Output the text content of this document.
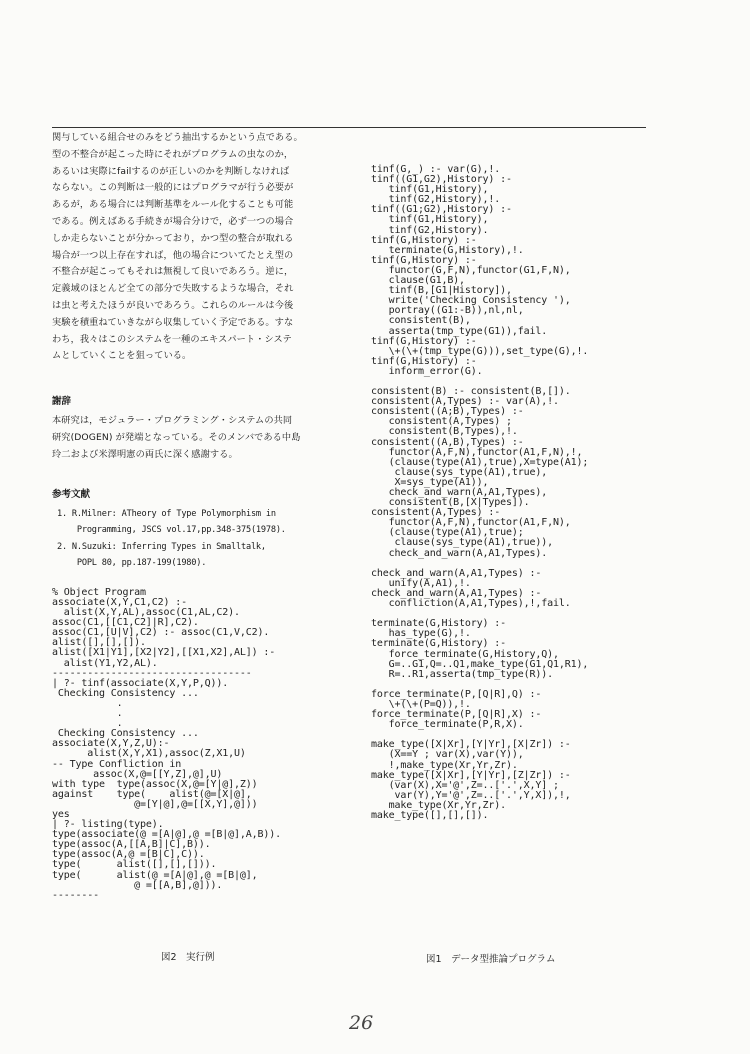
関与している組合せのみをどう抽出するかという点である。
型の不整合が起こった時にそれがプログラムの虫なのか，
あるいは実際にfailするのが正しいのかを判断しなければ
ならない。この判断は一般的にはプログラマが行う必要が
あるが，ある場合には判断基準をルール化することも可能
である。例えばある手続きが場合分けで，必ず一つの場合
しか走らないことが分かっており，かつ型の整合が取れる
場合が一つ以上存在すれば，他の場合についてたとえ型の
不整合が起こってもそれは無視して良いであろう。逆に，
定義域のほとんど全ての部分で失敗するような場合，それ
は虫と考えたほうが良いであろう。これらのルールは今後
実験を積重ねていきながら収集していく予定である。すな
わち，我々はこのシステムを一種のエキスパート・システ
ムとしていくことを狙っている。

謝辞

本研究は，モジュラー・プログラミング・システムの共同
研究(DOGEN) が発端となっている。そのメンバである中島
玲二および米澤明憲の両氏に深く感謝する。

参考文献

1. R.Milner: ATheory of Type Polymorphism in
Programming, JSCS vol.17,pp.348-375(1978).
2. N.Suzuki: Inferring Types in Smalltalk,
POPL 80, pp.187-199(1980).
% Object Program
associate(X,Y,C1,C2) :-
alist(X,Y,AL),assoc(C1,AL,C2).
assoc(C1,[[C1,C2]|R],C2).
assoc(C1,[U|V],C2) :- assoc(C1,V,C2).
alist([],[],[]).
alist([X1|Y1],[X2|Y2],[[X1,X2],AL]) :-
alist(Y1,Y2,AL).
----------------------------------
| ?- tinf(associate(X,Y,P,Q)).
Checking Consistency ...
.
.
.
Checking Consistency ...
associate(X,Y,Z,U):-
alist(X,Y,X1),assoc(Z,X1,U)
-- Type Confliction in
assoc(X,@=[[Y,Z],@],U)
with type  type(assoc(X,@=[Y|@],Z))
against    type(    alist(@=[X|@],
@=[Y|@],@=[[X,Y],@]))
yes
| ?- listing(type).
type(associate(@ =[A|@],@ =[B|@],A,B)).
type(assoc(A,[[A,B]|C],B)).
type(assoc(A,@ =[B|C],C)).
type(      alist([],[],[])).
type(      alist(@ =[A|@],@ =[B|@],
@ =[[A,B],@])).
--------
tinf(G,_) :- var(G),!.
tinf((G1,G2),History) :-
tinf(G1,History),
tinf(G2,History),!.
tinf((G1;G2),History) :-
tinf(G1,History),
tinf(G2,History).
tinf(G,History) :-
terminate(G,History),!.
tinf(G,History) :-
functor(G,F,N),functor(G1,F,N),
clause(G1,B),
tinf(B,[G1|History]),
write('Checking Consistency '),
portray((G1:-B)),nl,nl,
consistent(B),
asserta(tmp_type(G1)),fail.
tinf(G,History) :-
\+(\+(tmp_type(G))),set_type(G),!.
tinf(G,History) :-
inform_error(G).

consistent(B) :- consistent(B,[]).
consistent(A,Types) :- var(A),!.
consistent((A;B),Types) :-
consistent(A,Types) ;
consistent(B,Types),!.
consistent((A,B),Types) :-
functor(A,F,N),functor(A1,F,N),!,
(clause(type(A1),true),X=type(A1);
clause(sys_type(A1),true),
X=sys_type(A1)),
check_and_warn(A,A1,Types),
consistent(B,[X|Types]).
consistent(A,Types) :-
functor(A,F,N),functor(A1,F,N),
(clause(type(A1),true);
clause(sys_type(A1),true)),
check_and_warn(A,A1,Types).

check_and_warn(A,A1,Types) :-
unify(A,A1),!.
check_and_warn(A,A1,Types) :-
confliction(A,A1,Types),!,fail.

terminate(G,History) :-
has_type(G),!.
terminate(G,History) :-
force_terminate(G,History,Q),
G=..G1,Q=..Q1,make_type(G1,Q1,R1),
R=..R1,asserta(tmp_type(R)).

force_terminate(P,[Q|R],Q) :-
\+(\+(P=Q)),!.
force_terminate(P,[Q|R],X) :-
force_terminate(P,R,X).

make_type([X|Xr],[Y|Yr],[X|Zr]) :-
(X==Y ; var(X),var(Y)),
!,make_type(Xr,Yr,Zr).
make_type([X|Xr],[Y|Yr],[Z|Zr]) :-
(var(X),X='@',Z=..['.',X,Y] ;
var(Y),Y='@',Z=..['.',Y,X]),!,
make_type(Xr,Yr,Zr).
make_type([],[],[]).
図2　実行例	図1　データ型推論プログラム
26
